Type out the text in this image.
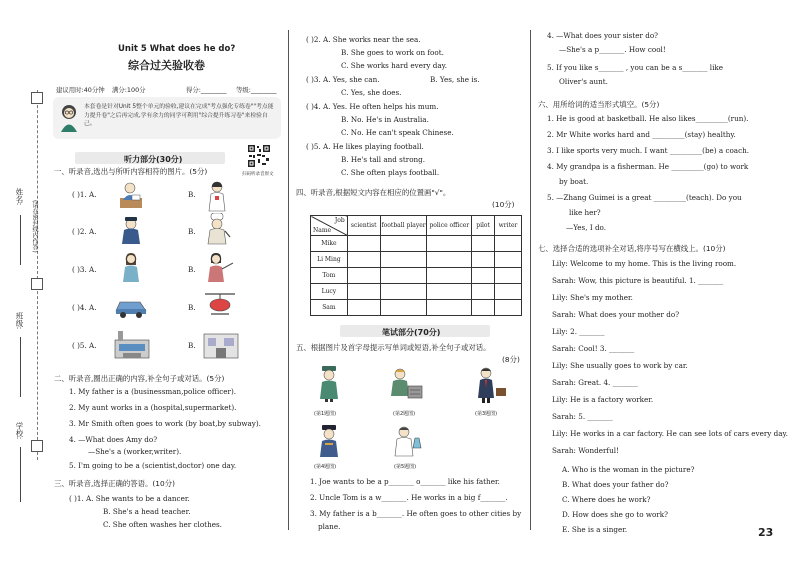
姓名:
班级:
学校:
(请在密封线内作答)
Unit 5 What does he do?
综合过关验收卷
建议用时:40分钟 满分:100分	得分:________ 等级:________
本套卷是针对Unit 5整个单元的验收,建议在完成"考点强化专练卷""考点能力提升卷"之后再完成,学有余力的同学可利用"综合提升练习卷"来检验自己。
听力部分(30分)
扫码听录音原文
一、听录音,选出与所听内容相符的图片。(5分)
( )1. A.	B.
( )2. A.	B.
( )3. A.	B.
( )4. A.	B.
( )5. A.	B.
二、听录音,圈出正确的内容,补全句子或对话。(5分)
1. My father is a (businessman,police officer).
2. My aunt works in a (hospital,supermarket).
3. Mr Smith often goes to work (by boat,by subway).
4. —What does Amy do?
—She's a (worker,writer).
5. I'm going to be a (scientist,doctor) one day.
三、听录音,选择正确的答语。(10分)
( )1. A. She wants to be a dancer.
B. She's a head teacher.
C. She often washes her clothes.
( )2. A. She works near the sea.
B. She goes to work on foot.
C. She works hard every day.
( )3. A. Yes, she can.	B. Yes, she is.
C. Yes, she does.
( )4. A. Yes. He often helps his mum.
B. No. He's in Australia.
C. No. He can't speak Chinese.
( )5. A. He likes playing football.
B. He's tall and strong.
C. She often plays football.
四、听录音,根据短文内容在相应的位置画"√"。
(10分)
Job
Name	scientist	football player	police officer	pilot	writer
Mike					
Li Ming					
Tom					
Lucy					
Sam					
笔试部分(70分)
五、根据图片及首字母提示写单词或短语,补全句子或对话。
(8分)
(第1题图)	(第2题图)	(第3题图)
(第4题图)	(第5题图)
1. Joe wants to be a p_______ o_______ like his father.
2. Uncle Tom is a w_______. He works in a big f_______.
3. My father is a b_______. He often goes to other cities by
plane.
4. —What does your sister do?
—She's a p_______. How cool!
5. If you like s_______ , you can be a s_______ like
Oliver's aunt.
六、用所给词的适当形式填空。(5分)
1. He is good at basketball. He also likes_________(run).
2. Mr White works hard and _________(stay) healthy.
3. I like sports very much. I want _________(be) a coach.
4. My grandpa is a fisherman. He _________(go) to work
by boat.
5. —Zhang Guimei is a great _________(teach). Do you
like her?
—Yes, I do.
七、选择合适的选项补全对话,将序号写在横线上。(10分)
Lily: Welcome to my home. This is the living room.
Sarah: Wow, this picture is beautiful. 1. _______
Lily: She's my mother.
Sarah: What does your mother do?
Lily: 2. _______
Sarah: Cool! 3. _______
Lily: She usually goes to work by car.
Sarah: Great. 4. _______
Lily: He is a factory worker.
Sarah: 5. _______
Lily: He works in a car factory. He can see lots of cars every day.
Sarah: Wonderful!
A. Who is the woman in the picture?
B. What does your father do?
C. Where does he work?
D. How does she go to work?
E. She is a singer.	23
